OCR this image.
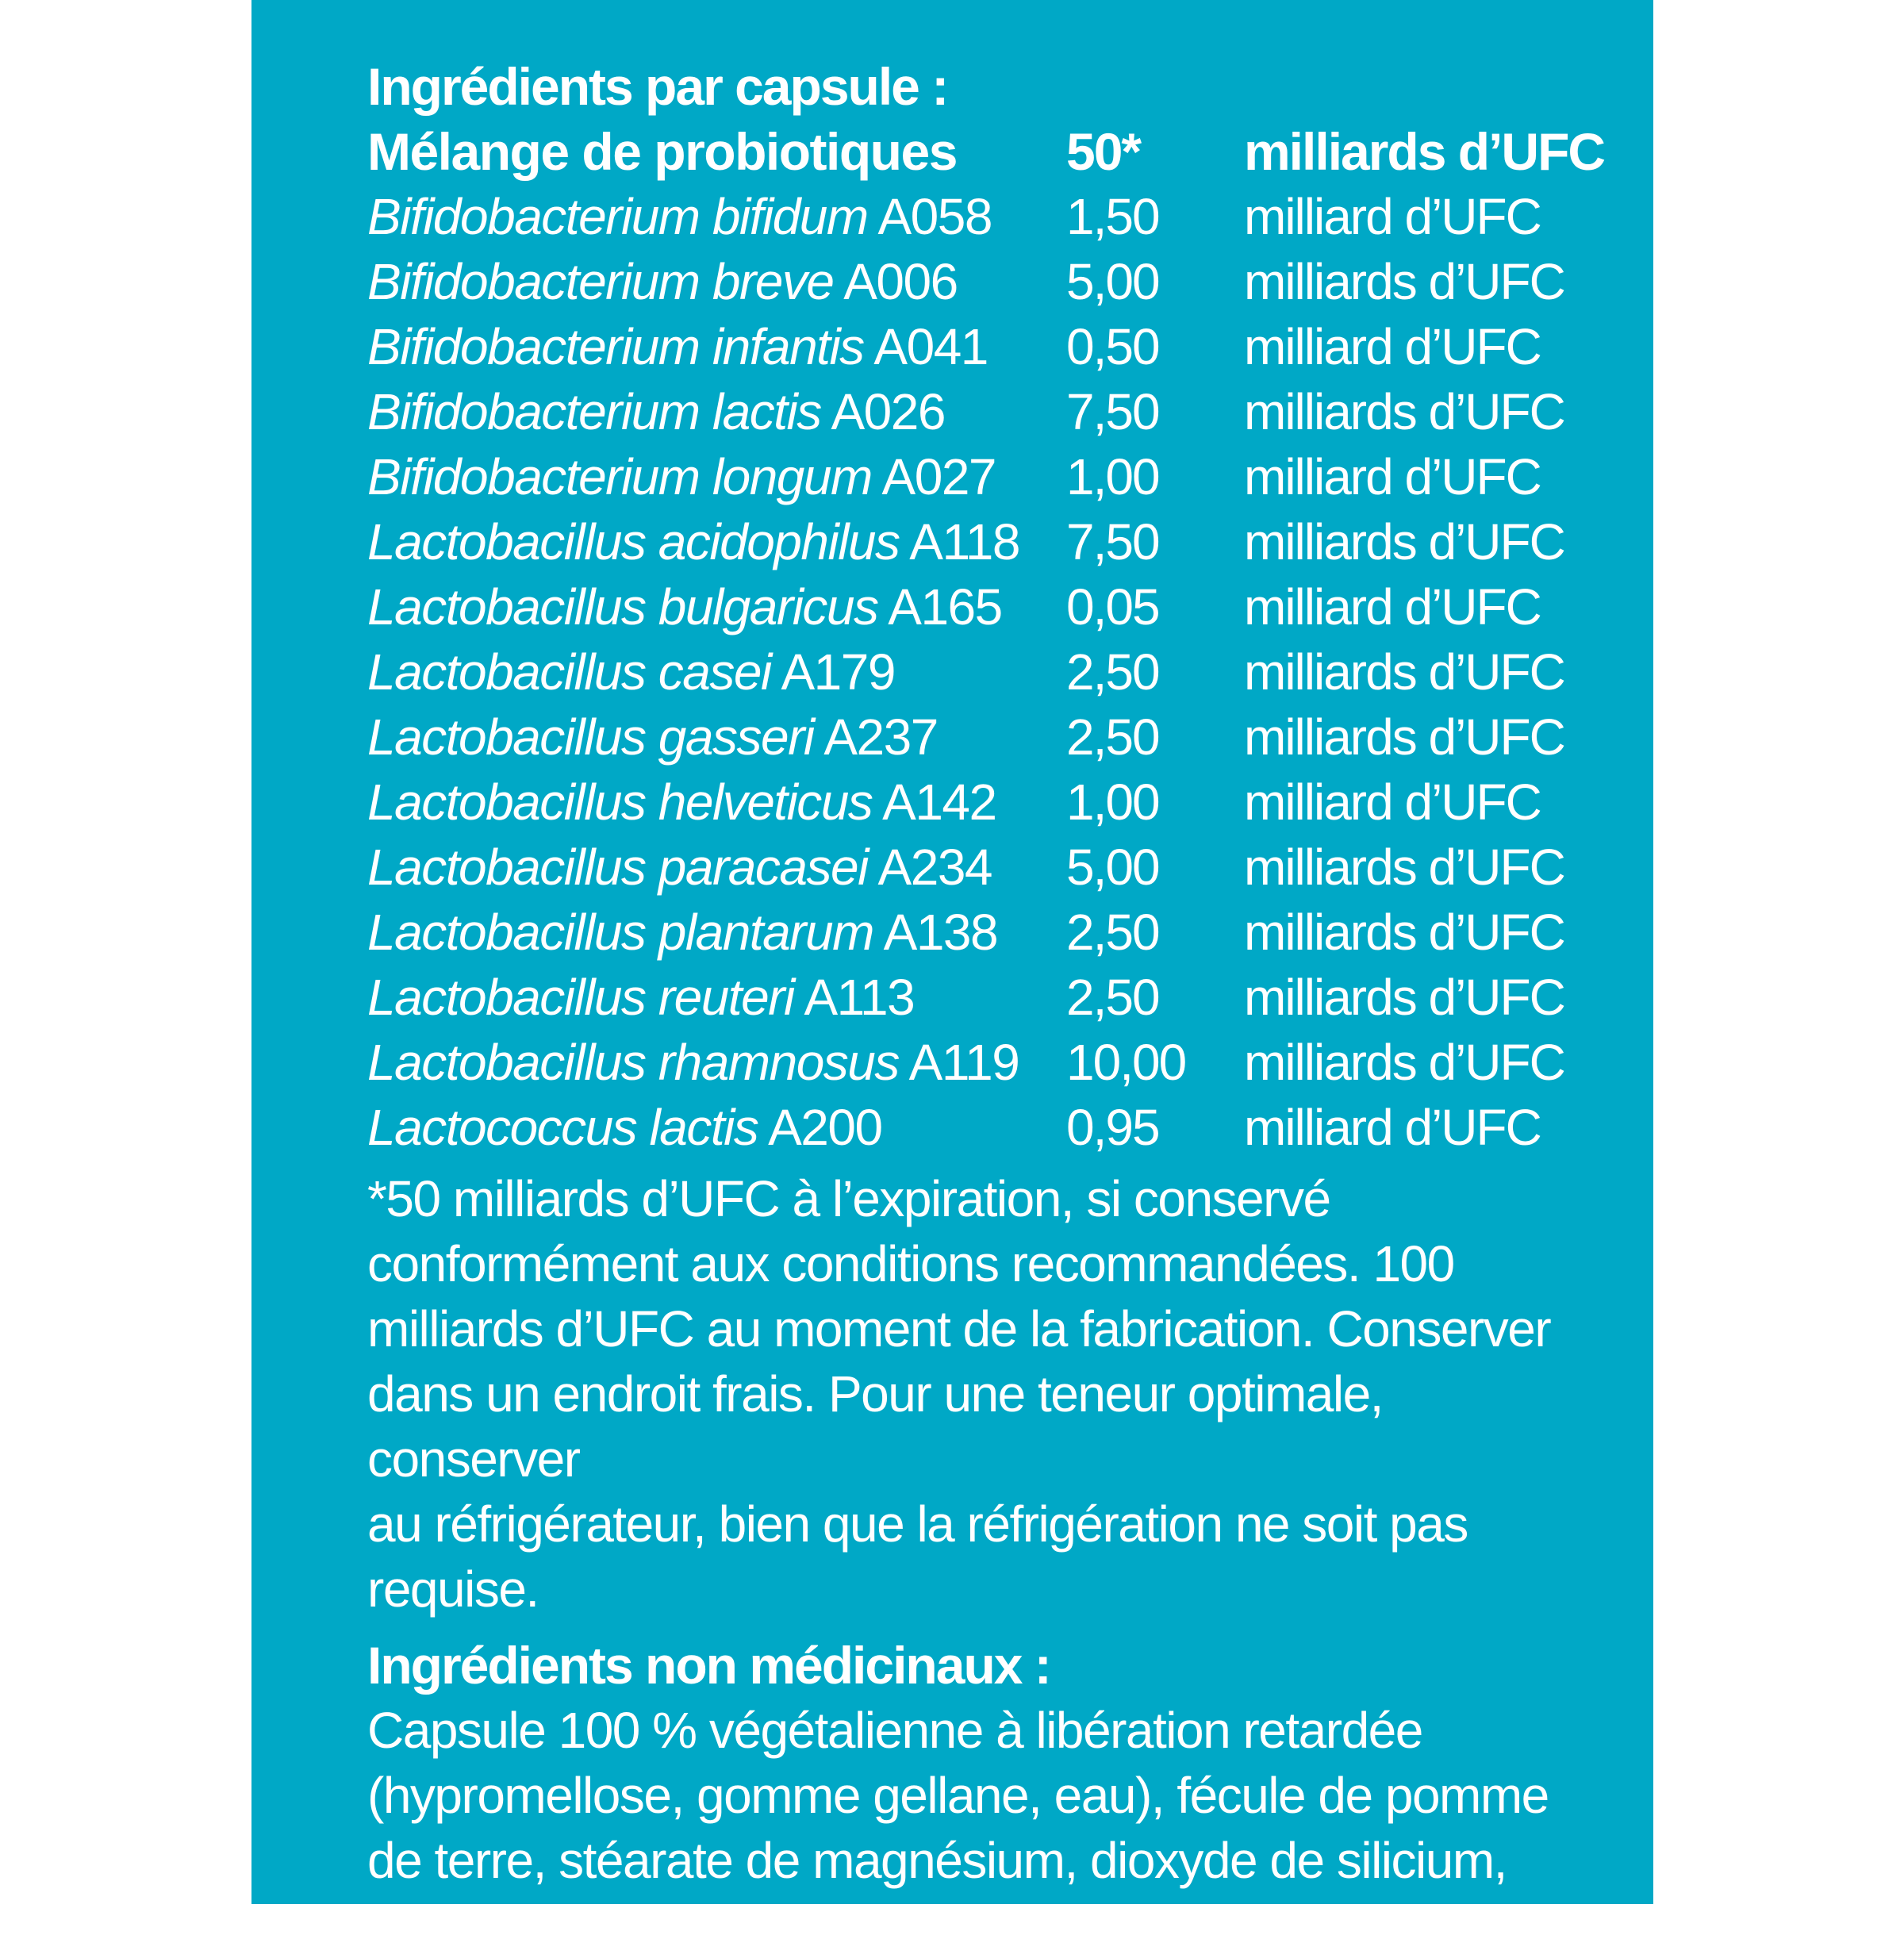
Ingrédients par capsule :
Mélange de probiotiques 50* milliards d’UFC
Bifidobacterium bifidum A058 1,50 milliard d’UFC
Bifidobacterium breve A006 5,00 milliards d’UFC
Bifidobacterium infantis A041 0,50 milliard d’UFC
Bifidobacterium lactis A026 7,50 milliards d’UFC
Bifidobacterium longum A027 1,00 milliard d’UFC
Lactobacillus acidophilus A118 7,50 milliards d’UFC
Lactobacillus bulgaricus A165 0,05 milliard d’UFC
Lactobacillus casei A179	2,50 milliards d’UFC
Lactobacillus gasseri A237	2,50 milliards d’UFC
Lactobacillus helveticus A142 1,00 milliard d’UFC
Lactobacillus paracasei A234 5,00 milliards d’UFC
Lactobacillus plantarum A138 2,50 milliards d’UFC
Lactobacillus reuteri A113	2,50 milliards d’UFC
Lactobacillus rhamnosus A119 10,00 milliards d’UFC
Lactococcus lactis A200	0,95 milliard d’UFC
*50 milliards d’UFC à l’expiration, si conservé
conformément aux conditions recommandées. 100
milliards d’UFC au moment de la fabrication. Conserver
dans un endroit frais. Pour une teneur optimale, conserver
au réfrigérateur, bien que la réfrigération ne soit pas requise.
Ingrédients non médicinaux :
Capsule 100 % végétalienne à libération retardée
(hypromellose, gomme gellane, eau), fécule de pomme
de terre, stéarate de magnésium, dioxyde de silicium,
acide ascorbique..
